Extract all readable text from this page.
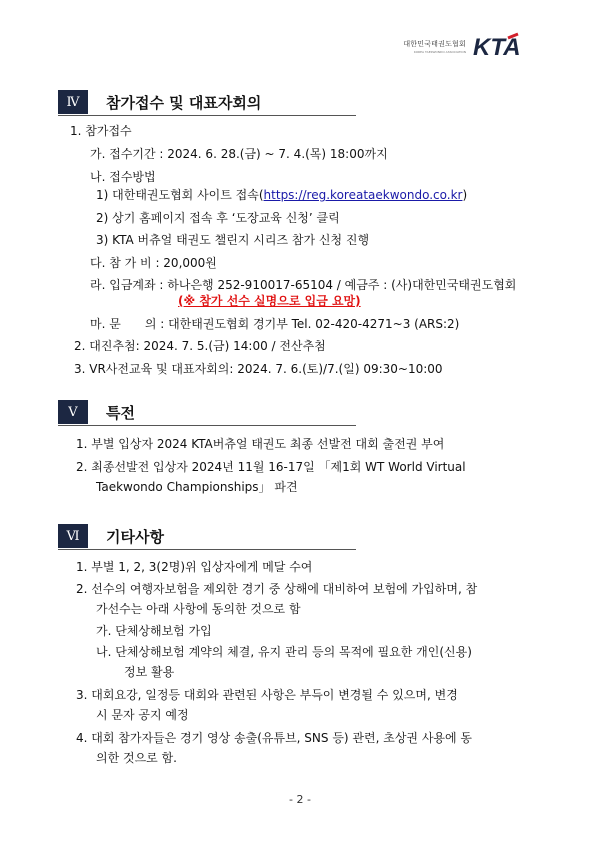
대한민국태권도협회
KOREA TAEKWONDO ASSOCIATION KTA
Ⅳ	참가접수 및 대표자회의
1. 참가접수
가. 접수기간 : 2024. 6. 28.(금) ~ 7. 4.(목) 18:00까지
나. 접수방법
1) 대한태권도협회 사이트 접속(https://reg.koreataekwondo.co.kr)
2) 상기 홈페이지 접속 후 ‘도장교육 신청’ 클릭
3) KTA 버츄얼 태권도 챌린지 시리즈 참가 신청 진행
다. 참 가 비 : 20,000원
라. 입금계좌 : 하나은행 252-910017-65104 / 예금주 : (사)대한민국태권도협회
(※ 참가 선수 실명으로 입금 요망)
마. 문　　의 : 대한태권도협회 경기부 Tel. 02-420-4271~3 (ARS:2)
2. 대진추첨: 2024. 7. 5.(금) 14:00 / 전산추첨
3. VR사전교육 및 대표자회의: 2024. 7. 6.(토)/7.(일) 09:30~10:00
Ⅴ	특전
1. 부별 입상자 2024 KTA버츄얼 태권도 최종 선발전 대회 출전권 부여
2. 최종선발전 입상자 2024년 11월 16-17일 「제1회 WT World Virtual
Taekwondo Championships」 파견
Ⅵ	기타사항
1. 부별 1, 2, 3(2명)위 입상자에게 메달 수여
2. 선수의 여행자보험을 제외한 경기 중 상해에 대비하여 보험에 가입하며, 참
가선수는 아래 사항에 동의한 것으로 함
가. 단체상해보험 가입
나. 단체상해보험 계약의 체결, 유지 관리 등의 목적에 필요한 개인(신용)
정보 활용
3. 대회요강, 일정등 대회와 관련된 사항은 부득이 변경될 수 있으며, 변경
시 문자 공지 예정
4. 대회 참가자들은 경기 영상 송출(유튜브, SNS 등) 관련, 초상권 사용에 동
의한 것으로 함.
- 2 -
